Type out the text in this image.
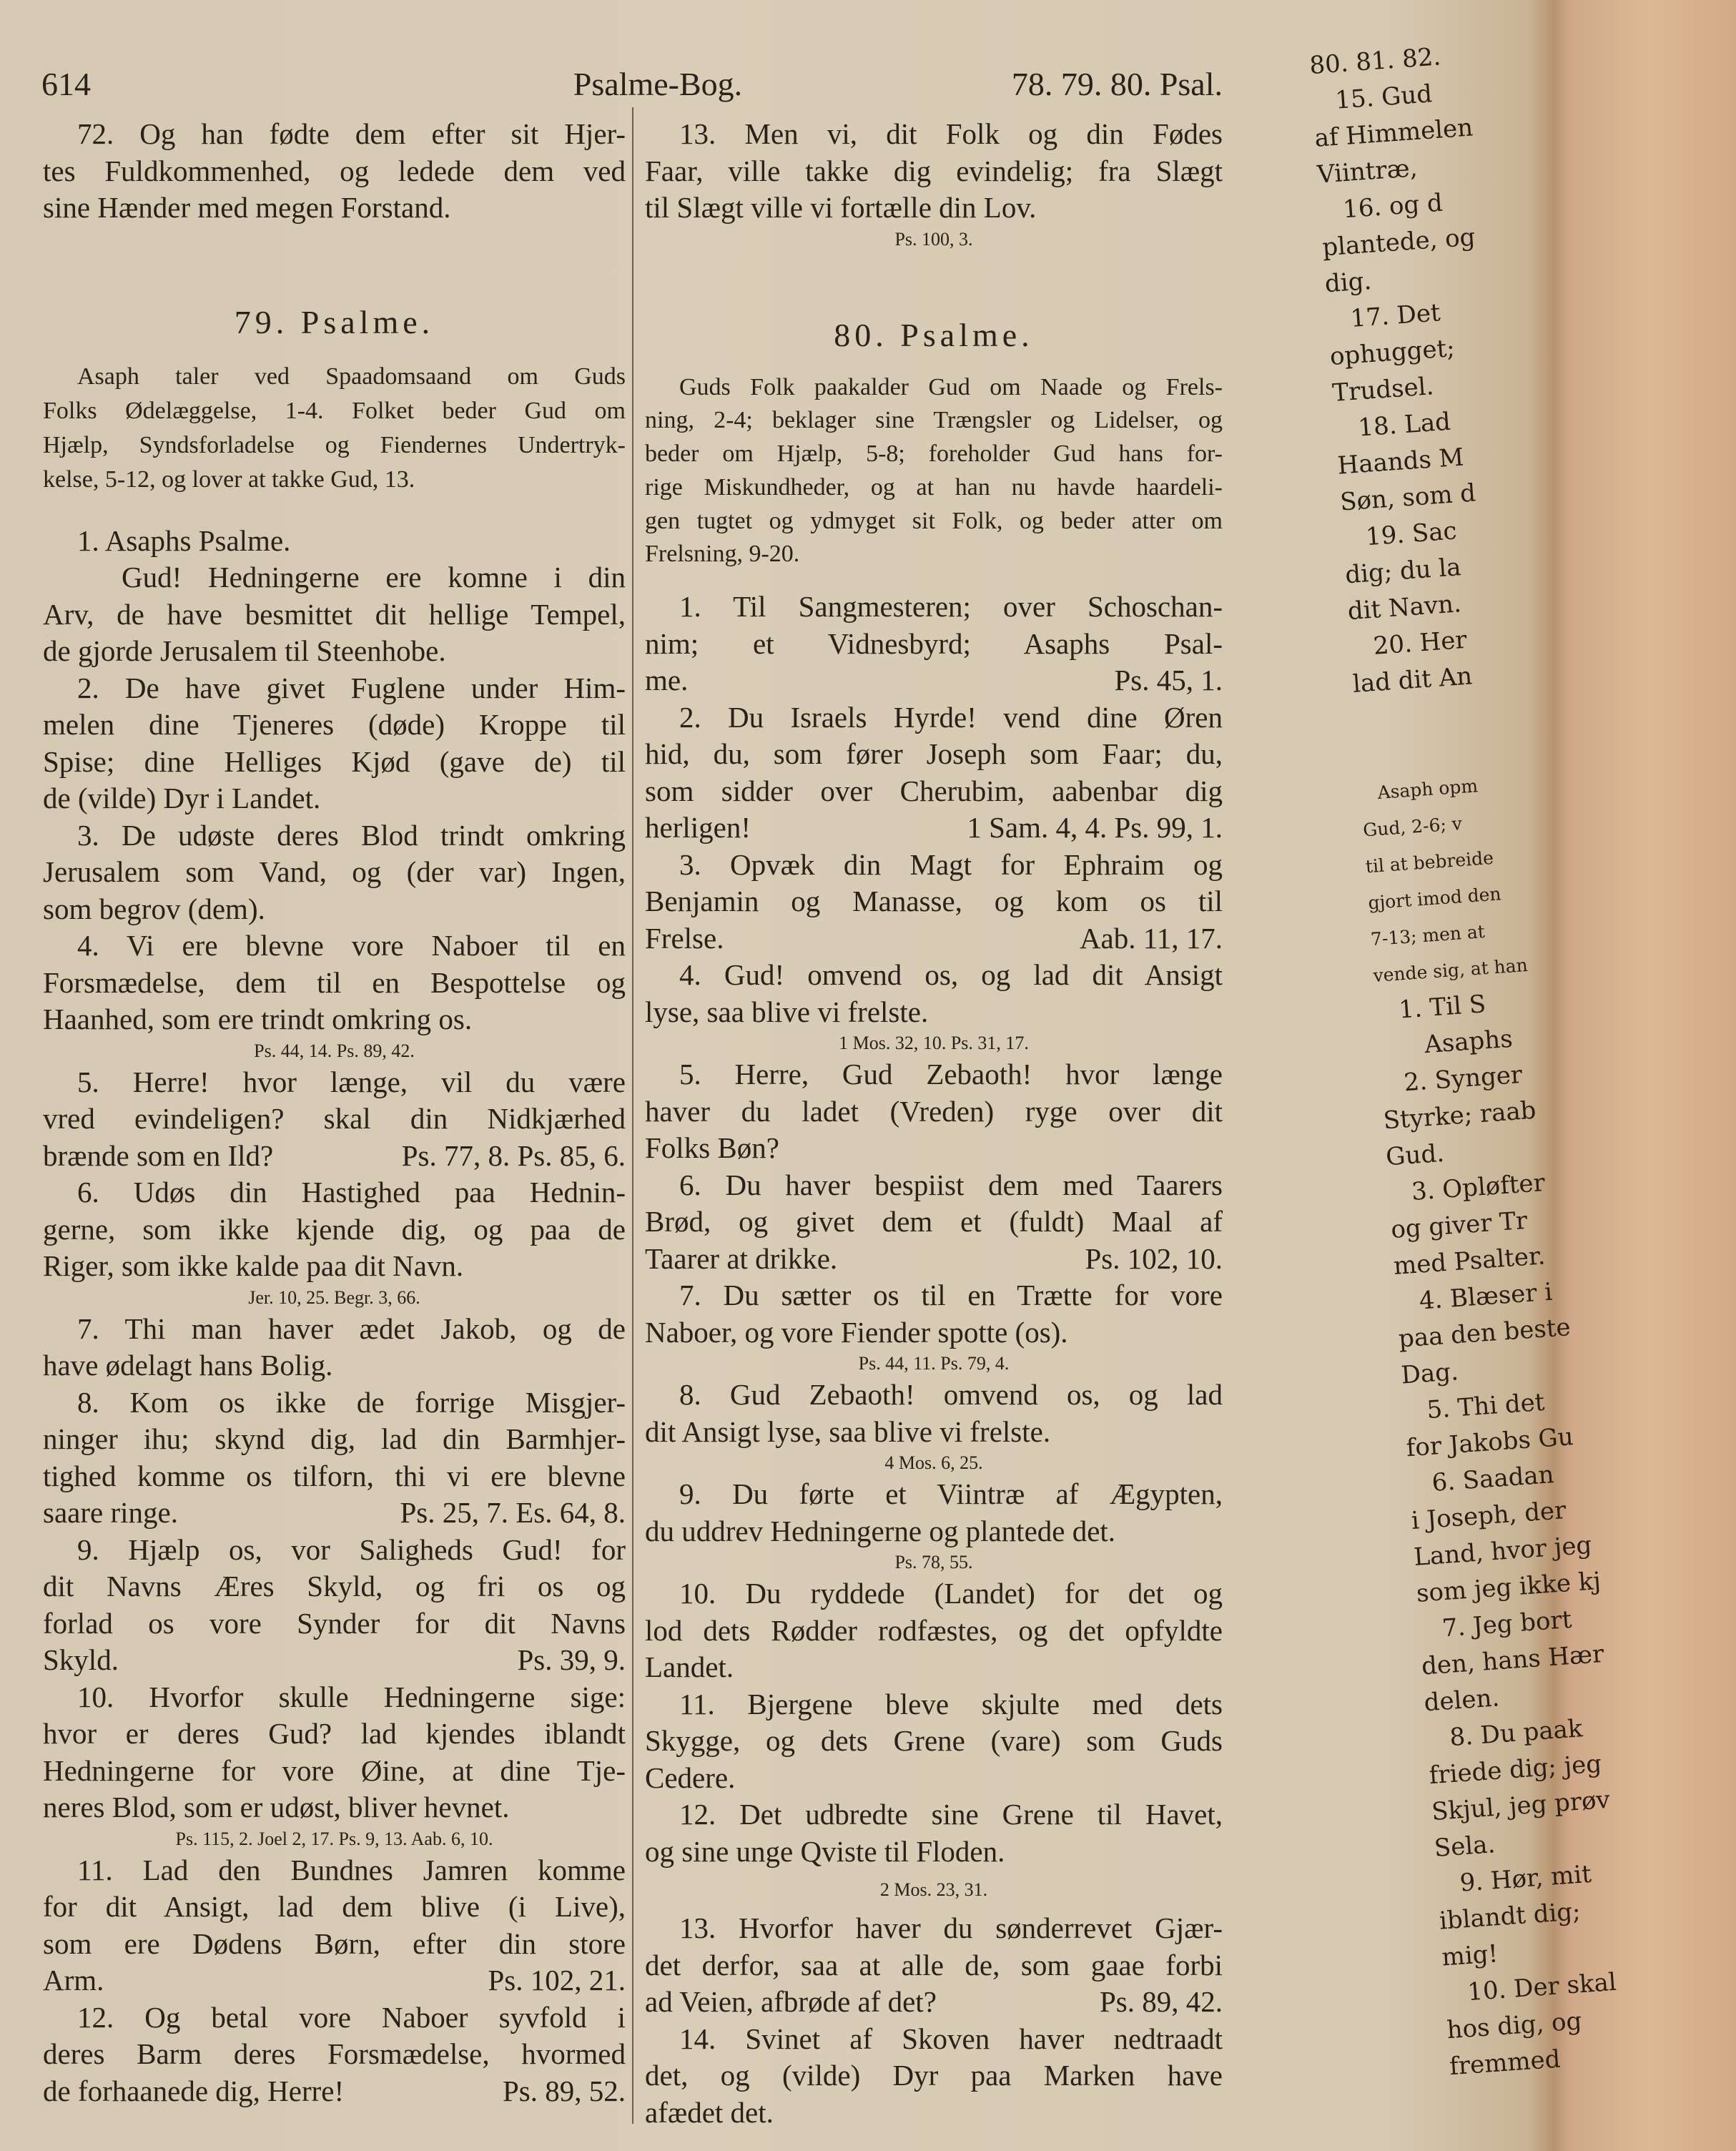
614	Psalme-Bog.	78. 79. 80. Psal.
72. Og han fødte dem efter sit Hjer-
tes Fuldkommenhed, og ledede dem ved
sine Hænder med megen Forstand.
79. Psalme.
Asaph taler ved Spaadomsaand om Guds
Folks Ødelæggelse, 1-4. Folket beder Gud om
Hjælp, Syndsforladelse og Fiendernes Undertryk-
kelse, 5-12, og lover at takke Gud, 13.
1. Asaphs Psalme.
Gud! Hedningerne ere komne i din
Arv, de have besmittet dit hellige Tempel,
de gjorde Jerusalem til Steenhobe.
2. De have givet Fuglene under Him-
melen dine Tjeneres (døde) Kroppe til
Spise; dine Helliges Kjød (gave de) til
de (vilde) Dyr i Landet.
3. De udøste deres Blod trindt omkring
Jerusalem som Vand, og (der var) Ingen,
som begrov (dem).
4. Vi ere blevne vore Naboer til en
Forsmædelse, dem til en Bespottelse og
Haanhed, som ere trindt omkring os.
Ps. 44, 14. Ps. 89, 42.
5. Herre! hvor længe, vil du være
vred evindeligen? skal din Nidkjærhed
brænde som en Ild?	Ps. 77, 8. Ps. 85, 6.
6. Udøs din Hastighed paa Hednin-
gerne, som ikke kjende dig, og paa de
Riger, som ikke kalde paa dit Navn.
Jer. 10, 25. Begr. 3, 66.
7. Thi man haver ædet Jakob, og de
have ødelagt hans Bolig.
8. Kom os ikke de forrige Misgjer-
ninger ihu; skynd dig, lad din Barmhjer-
tighed komme os tilforn, thi vi ere blevne
saare ringe.	Ps. 25, 7. Es. 64, 8.
9. Hjælp os, vor Saligheds Gud! for
dit Navns Æres Skyld, og fri os og
forlad os vore Synder for dit Navns
Skyld.	Ps. 39, 9.
10. Hvorfor skulle Hedningerne sige:
hvor er deres Gud? lad kjendes iblandt
Hedningerne for vore Øine, at dine Tje-
neres Blod, som er udøst, bliver hevnet.
Ps. 115, 2. Joel 2, 17. Ps. 9, 13. Aab. 6, 10.
11. Lad den Bundnes Jamren komme
for dit Ansigt, lad dem blive (i Live),
som ere Dødens Børn, efter din store
Arm.	Ps. 102, 21.
12. Og betal vore Naboer syvfold i
deres Barm deres Forsmædelse, hvormed
de forhaanede dig, Herre!	Ps. 89, 52.
13. Men vi, dit Folk og din Fødes
Faar, ville takke dig evindelig; fra Slægt
til Slægt ville vi fortælle din Lov.
Ps. 100, 3.
80. Psalme.
Guds Folk paakalder Gud om Naade og Frels-
ning, 2-4; beklager sine Trængsler og Lidelser, og
beder om Hjælp, 5-8; foreholder Gud hans for-
rige Miskundheder, og at han nu havde haardeli-
gen tugtet og ydmyget sit Folk, og beder atter om
Frelsning, 9-20.
1. Til Sangmesteren; over Schoschan-
nim; et Vidnesbyrd; Asaphs Psal-
me.	Ps. 45, 1.
2. Du Israels Hyrde! vend dine Øren
hid, du, som fører Joseph som Faar; du,
som sidder over Cherubim, aabenbar dig
herligen!	1 Sam. 4, 4. Ps. 99, 1.
3. Opvæk din Magt for Ephraim og
Benjamin og Manasse, og kom os til
Frelse.	Aab. 11, 17.
4. Gud! omvend os, og lad dit Ansigt
lyse, saa blive vi frelste.
1 Mos. 32, 10. Ps. 31, 17.
5. Herre, Gud Zebaoth! hvor længe
haver du ladet (Vreden) ryge over dit
Folks Bøn?
6. Du haver bespiist dem med Taarers
Brød, og givet dem et (fuldt) Maal af
Taarer at drikke.	Ps. 102, 10.
7. Du sætter os til en Trætte for vore
Naboer, og vore Fiender spotte (os).
Ps. 44, 11. Ps. 79, 4.
8. Gud Zebaoth! omvend os, og lad
dit Ansigt lyse, saa blive vi frelste.
4 Mos. 6, 25.
9. Du førte et Viintræ af Ægypten,
du uddrev Hedningerne og plantede det.
Ps. 78, 55.
10. Du ryddede (Landet) for det og
lod dets Rødder rodfæstes, og det opfyldte
Landet.
11. Bjergene bleve skjulte med dets
Skygge, og dets Grene (vare) som Guds
Cedere.
12. Det udbredte sine Grene til Havet,
og sine unge Qviste til Floden.
2 Mos. 23, 31.
13. Hvorfor haver du sønderrevet Gjær-
det derfor, saa at alle de, som gaae forbi
ad Veien, afbrøde af det?	Ps. 89, 42.
14. Svinet af Skoven haver nedtraadt
det, og (vilde) Dyr paa Marken have
afædet det.
80. 81. 82.
15. Gud
af Himmelen
Viintræ,
16. og d
plantede, og
dig.
17. Det
ophugget;
Trudsel.
18. Lad
Haands M
Søn, som d
19. Sac
dig; du la
dit Navn.
20. Her
lad dit An
Asaph opm
Gud, 2-6; v
til at bebreide
gjort imod den
7-13; men at
vende sig, at han
1. Til S
Asaphs
2. Synger
Styrke; raab
Gud.
3. Opløfter
og giver Tr
med Psalter.
4. Blæser i
paa den beste
Dag.
5. Thi det
for Jakobs Gu
6. Saadan
i Joseph, der
Land, hvor jeg
som jeg ikke kj
7. Jeg bort
den, hans Hær
delen.
8. Du paak
friede dig; jeg
Skjul, jeg prøv
Sela.
9. Hør, mit
iblandt dig;
mig!
10. Der skal
hos dig, og
fremmed
